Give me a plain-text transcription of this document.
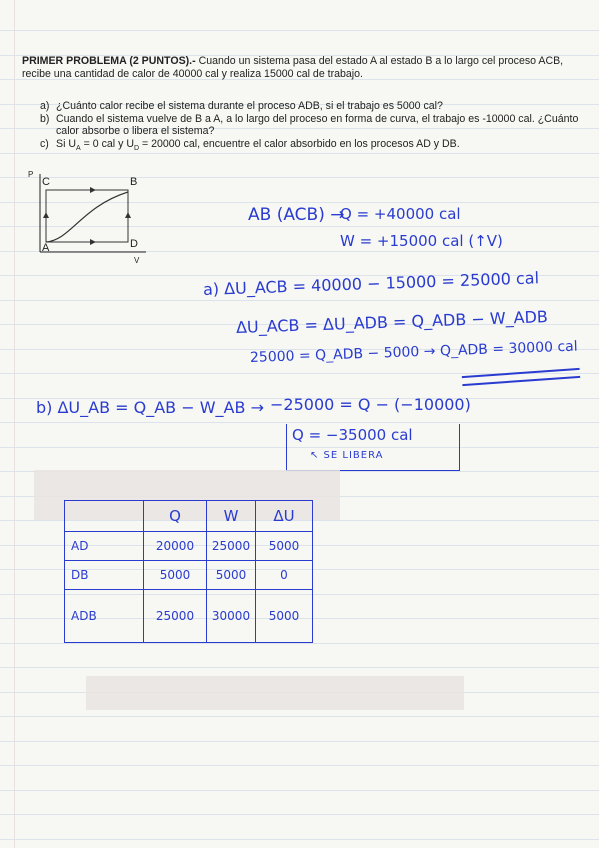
PRIMER PROBLEMA (2 PUNTOS).- Cuando un sistema pasa del estado A al estado B a lo largo cel proceso ACB, recibe una cantidad de calor de 40000 cal y realiza 15000 cal de trabajo.

a) ¿Cuánto calor recibe el sistema durante el proceso ADB, si el trabajo es 5000 cal?
b) Cuando el sistema vuelve de B a A, a lo largo del proceso en forma de curva, el trabajo es -10000 cal. ¿Cuánto calor absorbe o libera el sistema?
c) Si $U_A = 0$ cal y $U_D = 20000$ cal, encuentre el calor absorbido en los procesos AD y DB.
P
C	B
A	D
V
AB (ACB) →
Q = +40000 cal
W = +15000 cal (↑V)
a) ΔU_ACB = 40000 − 15000 = 25000 cal
ΔU_ACB = ΔU_ADB = Q_ADB − W_ADB
25000 = Q_ADB − 5000 → Q_ADB = 30000 cal
b) ΔU_AB = Q_AB − W_AB → −25000 = Q − (−10000)
Q = −35000 cal
↖ SE LIBERA
	Q	W	ΔU
AD	20000	25000	5000
DB	5000	5000	0
ADB	25000	30000	5000
